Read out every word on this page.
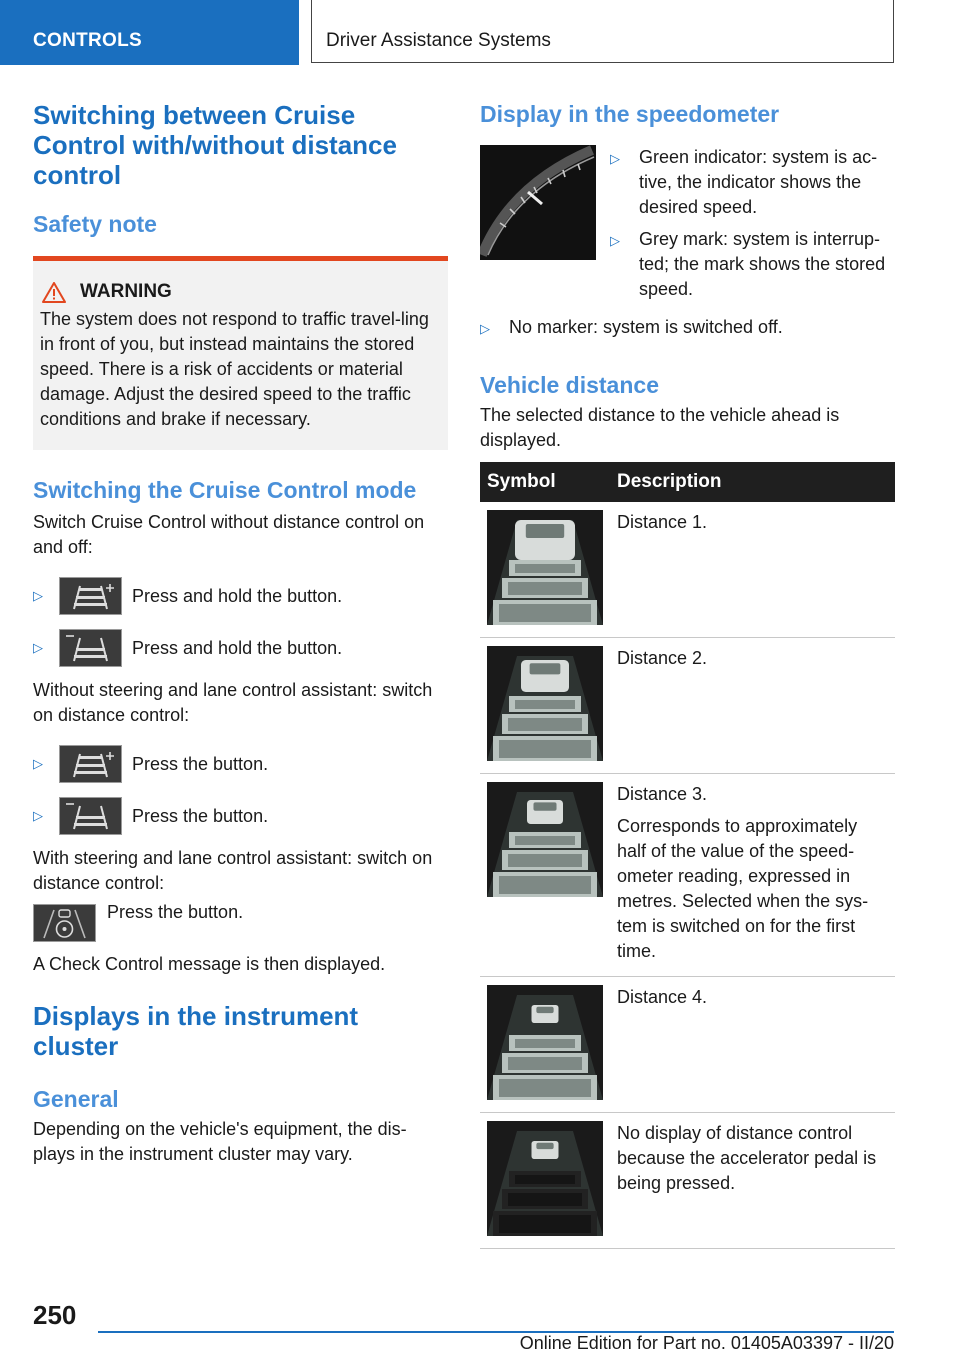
CONTROLS	Driver Assistance Systems
Switching between Cruise Control with/without distance control
Safety note
WARNING

The system does not respond to traffic travel-ling in front of you, but instead maintains the stored speed. There is a risk of accidents or material damage. Adjust the desired speed to the traffic conditions and brake if necessary.

Switching the Cruise Control mode

Switch Cruise Control without distance control on and off:

▷	Press and hold the button.
▷	Press and hold the button.

Without steering and lane control assistant: switch on distance control:

▷	Press the button.
▷	Press the button.

With steering and lane control assistant: switch on distance control:

Press the button.

A Check Control message is then displayed.

Displays in the instrument cluster
General

Depending on the vehicle's equipment, the dis-plays in the instrument cluster may vary.

Display in the speedometer
▷	Green indicator: system is ac-tive, the indicator shows the desired speed.
▷	Grey mark: system is interrup-ted; the mark shows the stored speed.
▷	No marker: system is switched off.
Vehicle distance

The selected distance to the vehicle ahead is displayed.

Symbol	Description

Distance 1.

Distance 2.

Distance 3.
Corresponds to approximately half of the value of the speed-ometer reading, expressed in metres. Selected when the sys-tem is switched on for the first time.

Distance 4.

No display of distance control because the accelerator pedal is being pressed.
250
Online Edition for Part no. 01405A03397 - II/20
